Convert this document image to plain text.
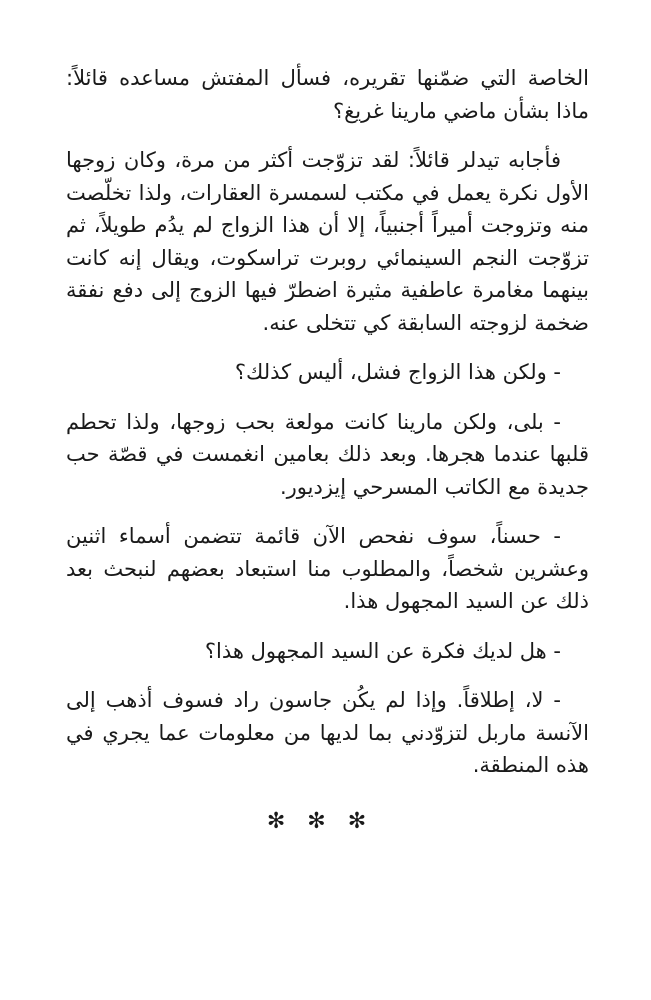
الخاصة التي ضمّنها تقريره، فسأل المفتش مساعده قائلاً: ماذا بشأن ماضي مارينا غريغ؟

فأجابه تيدلر قائلاً: لقد تزوّجت أكثر من مرة، وكان زوجها الأول نكرة يعمل في مكتب لسمسرة العقارات، ولذا تخلّصت منه وتزوجت أميراً أجنبياً، إلا أن هذا الزواج لم يدُم طويلاً، ثم تزوّجت النجم السينمائي روبرت تراسكوت، ويقال إنه كانت بينهما مغامرة عاطفية مثيرة اضطرّ فيها الزوج إلى دفع نفقة ضخمة لزوجته السابقة كي تتخلى عنه.

- ولكن هذا الزواج فشل، أليس كذلك؟

- بلى، ولكن مارينا كانت مولعة بحب زوجها، ولذا تحطم قلبها عندما هجرها. وبعد ذلك بعامين انغمست في قصّة حب جديدة مع الكاتب المسرحي إيزديور.

- حسناً، سوف نفحص الآن قائمة تتضمن أسماء اثنين وعشرين شخصاً، والمطلوب منا استبعاد بعضهم لنبحث بعد ذلك عن السيد المجهول هذا.

- هل لديك فكرة عن السيد المجهول هذا؟

- لا، إطلاقاً. وإذا لم يكُن جاسون راد فسوف أذهب إلى الآنسة ماربل لتزوّدني بما لديها من معلومات عما يجري في هذه المنطقة.

✻✻✻
